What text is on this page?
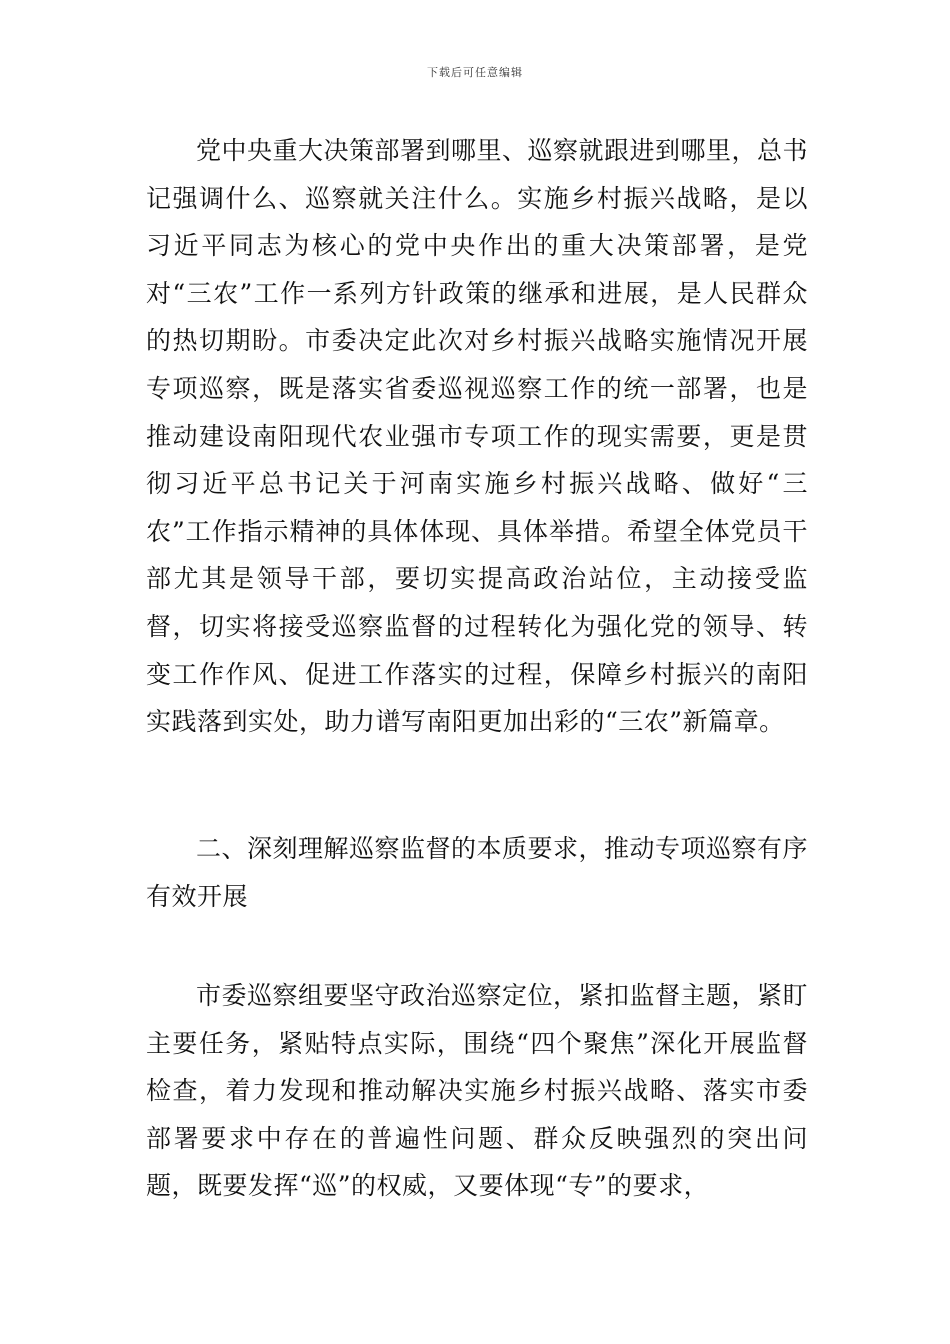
下载后可任意编辑

党中央重大决策部署到哪里、巡察就跟进到哪里，总书记强调什么、巡察就关注什么。实施乡村振兴战略，是以习近平同志为核心的党中央作出的重大决策部署，是党对“三农”工作一系列方针政策的继承和进展，是人民群众的热切期盼。市委决定此次对乡村振兴战略实施情况开展专项巡察，既是落实省委巡视巡察工作的统一部署，也是推动建设南阳现代农业强市专项工作的现实需要，更是贯彻习近平总书记关于河南实施乡村振兴战略、做好“三农”工作指示精神的具体体现、具体举措。希望全体党员干部尤其是领导干部，要切实提高政治站位，主动接受监督，切实将接受巡察监督的过程转化为强化党的领导、转变工作作风、促进工作落实的过程，保障乡村振兴的南阳实践落到实处，助力谱写南阳更加出彩的“三农”新篇章。

二、深刻理解巡察监督的本质要求，推动专项巡察有序有效开展

市委巡察组要坚守政治巡察定位，紧扣监督主题，紧盯主要任务，紧贴特点实际，围绕“四个聚焦”深化开展监督检查，着力发现和推动解决实施乡村振兴战略、落实市委部署要求中存在的普遍性问题、群众反映强烈的突出问题，既要发挥“巡”的权威，又要体现“专”的要求，
